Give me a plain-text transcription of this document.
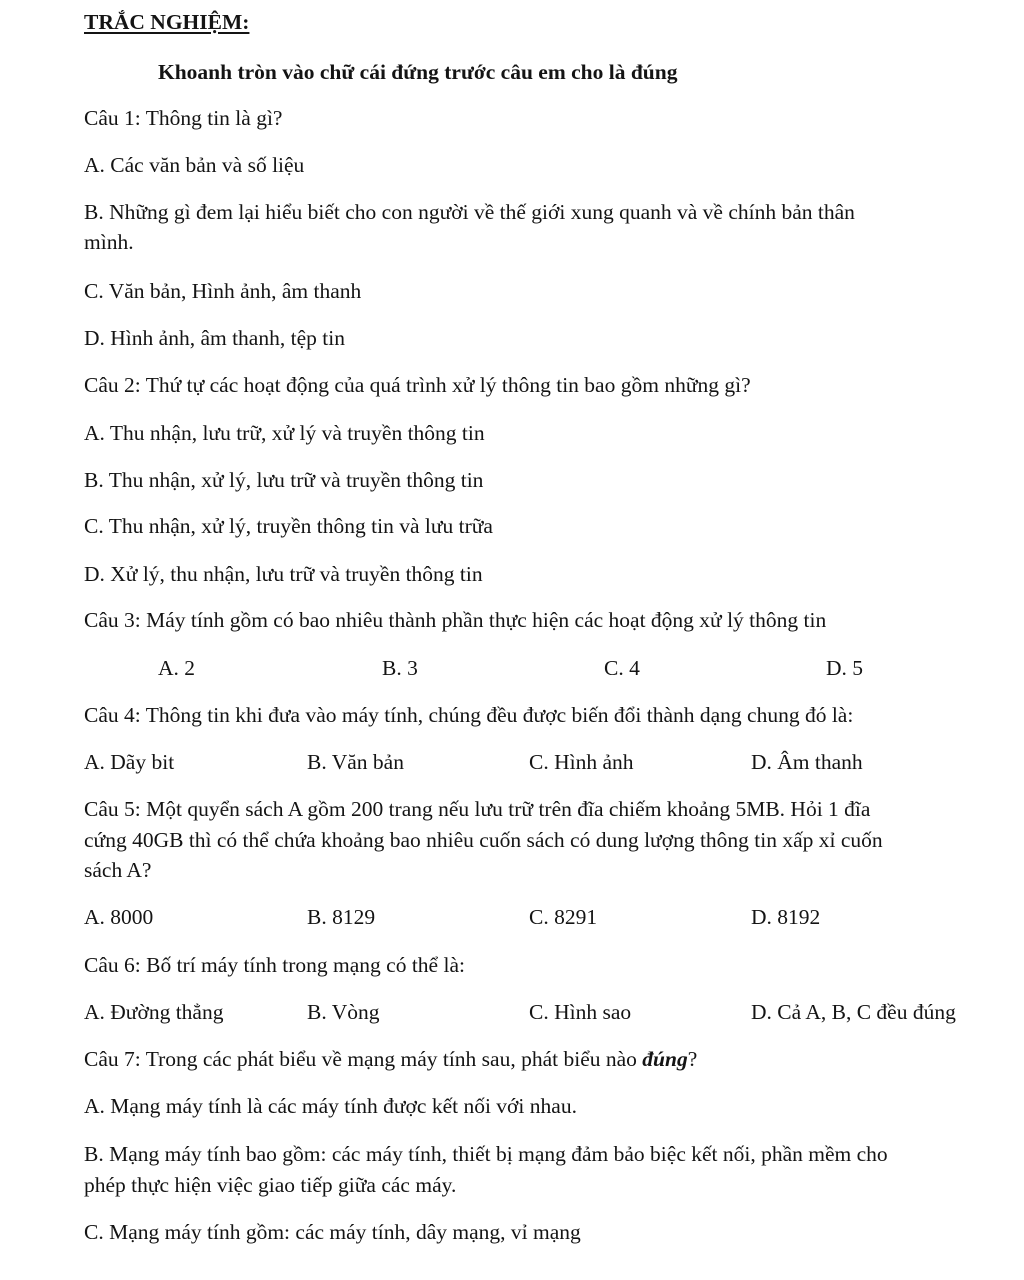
TRẮC NGHIỆM:
Khoanh tròn vào chữ cái đứng trước câu em cho là đúng
Câu 1: Thông tin là gì?
A. Các văn bản và số liệu
B. Những gì đem lại hiểu biết cho con người về thế giới xung quanh và về chính bản thân
mình.
C. Văn bản, Hình ảnh, âm thanh
D. Hình ảnh, âm thanh, tệp tin
Câu 2: Thứ tự các hoạt động của quá trình xử lý thông tin bao gồm những gì?
A. Thu nhận, lưu trữ, xử lý và truyền thông tin
B. Thu nhận, xử lý, lưu trữ và truyền thông tin
C. Thu nhận, xử lý, truyền thông tin và lưu trữa
D. Xử lý, thu nhận, lưu trữ và truyền thông tin
Câu 3: Máy tính gồm có bao nhiêu thành phần thực hiện các hoạt động xử lý thông tin
A. 2	B. 3	C. 4	D. 5
Câu 4: Thông tin khi đưa vào máy tính, chúng đều được biến đổi thành dạng chung đó là:
A. Dãy bit	B. Văn bản	C. Hình ảnh	D. Âm thanh
Câu 5: Một quyển sách A gồm 200 trang nếu lưu trữ trên đĩa chiếm khoảng 5MB. Hỏi 1 đĩa
cứng 40GB thì có thể chứa khoảng bao nhiêu cuốn sách có dung lượng thông tin xấp xỉ cuốn
sách A?
A. 8000	B. 8129	C. 8291	D. 8192
Câu 6: Bố trí máy tính trong mạng có thể là:
A. Đường thẳng	B. Vòng	C. Hình sao	D. Cả A, B, C đều đúng
Câu 7: Trong các phát biểu về mạng máy tính sau, phát biểu nào đúng?
A. Mạng máy tính là các máy tính được kết nối với nhau.
B. Mạng máy tính bao gồm: các máy tính, thiết bị mạng đảm bảo biệc kết nối, phần mềm cho
phép thực hiện việc giao tiếp giữa các máy.
C. Mạng máy tính gồm: các máy tính, dây mạng, vỉ mạng
